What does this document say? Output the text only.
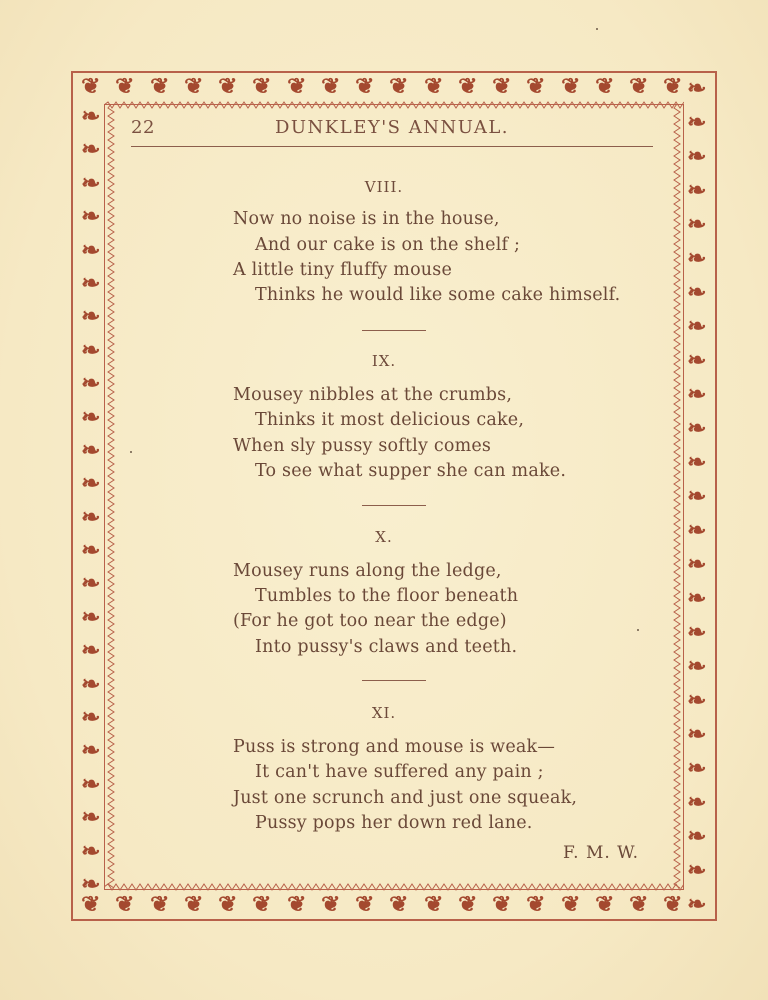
❦ ❦ ❦ ❦ ❦ ❦ ❦ ❦ ❦ ❦ ❦ ❦ ❦ ❦ ❦ ❦ ❦ ❦
❦ ❦ ❦ ❦ ❦ ❦ ❦ ❦ ❦ ❦ ❦ ❦ ❦ ❦ ❦ ❦ ❦ ❦
❧
❧
❧
❧
❧
❧
❧
❧
❧
❧
❧
❧
❧
❧
❧
❧
❧
❧
❧
❧
❧
❧
❧
❧
❧
❧
❧
❧
❧
❧
❧
❧
❧
❧
❧
❧
❧
❧
❧
❧
❧
❧
❧
❧
❧
❧
❧
❧
❧
22	DUNKLEY'S ANNUAL.
VIII.
Now no noise is in the house,
And our cake is on the shelf ;
A little tiny fluffy mouse
Thinks he would like some cake himself.
IX.
Mousey nibbles at the crumbs,
Thinks it most delicious cake,
When sly pussy softly comes
To see what supper she can make.
X.
Mousey runs along the ledge,
Tumbles to the floor beneath
(For he got too near the edge)
Into pussy's claws and teeth.
XI.
Puss is strong and mouse is weak—
It can't have suffered any pain ;
Just one scrunch and just one squeak,
Pussy pops her down red lane.
F. M. W.
